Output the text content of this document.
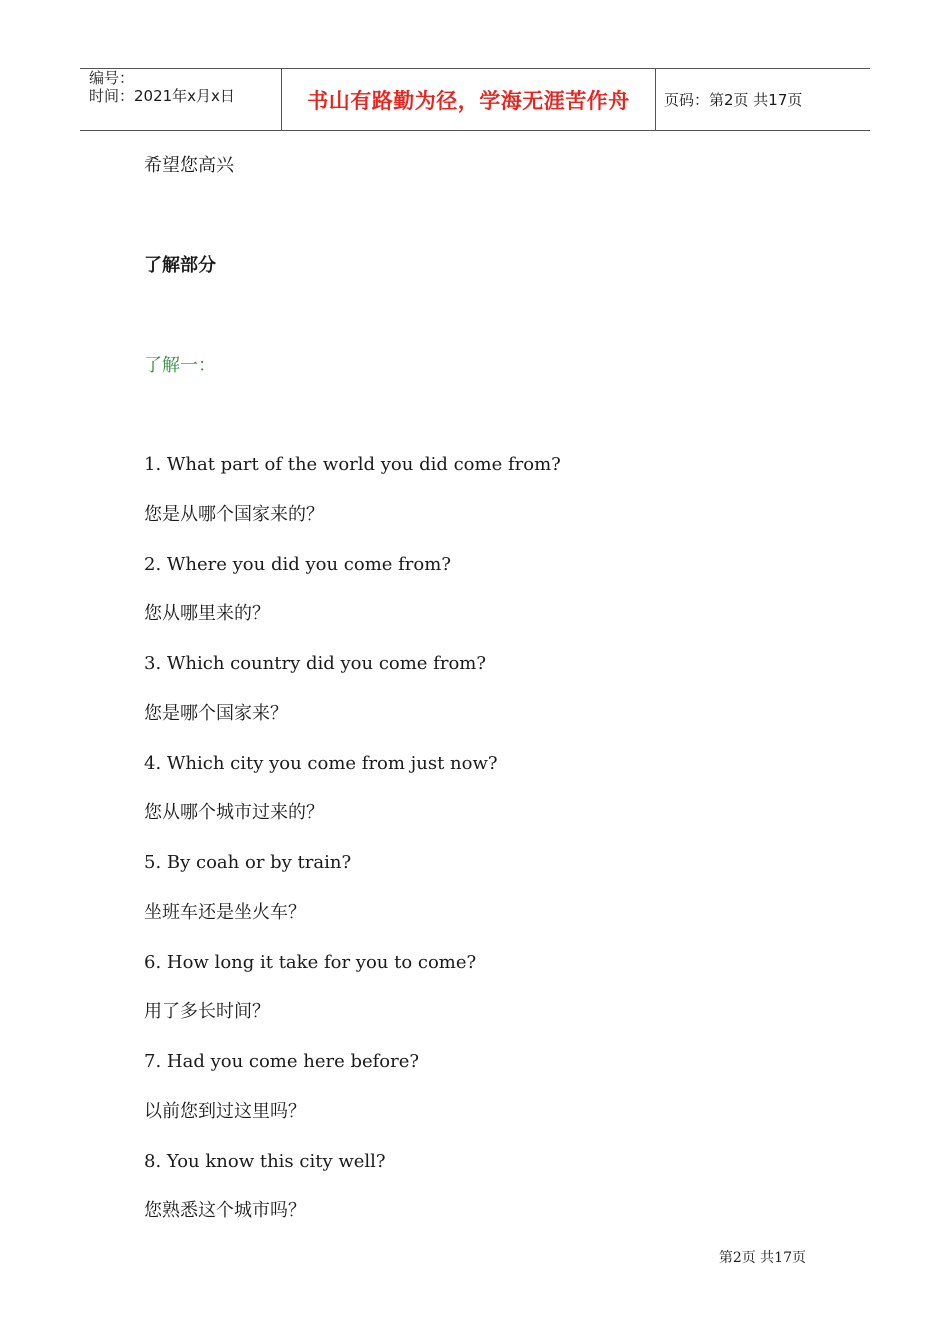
编号：
时间：2021年x月x日	书山有路勤为径，学海无涯苦作舟 页码：第2页 共17页
希望您高兴
了解部分
了解一：
1. What part of the world you did come from?
您是从哪个国家来的？
2. Where you did you come from?
您从哪里来的？
3. Which country did you come from?
您是哪个国家来？
4. Which city you come from just now?
您从哪个城市过来的？
5. By coah or by train?
坐班车还是坐火车？
6. How long it take for you to come?
用了多长时间？
7. Had you come here before?
以前您到过这里吗？
8. You know this city well?
您熟悉这个城市吗？
第2页 共17页
